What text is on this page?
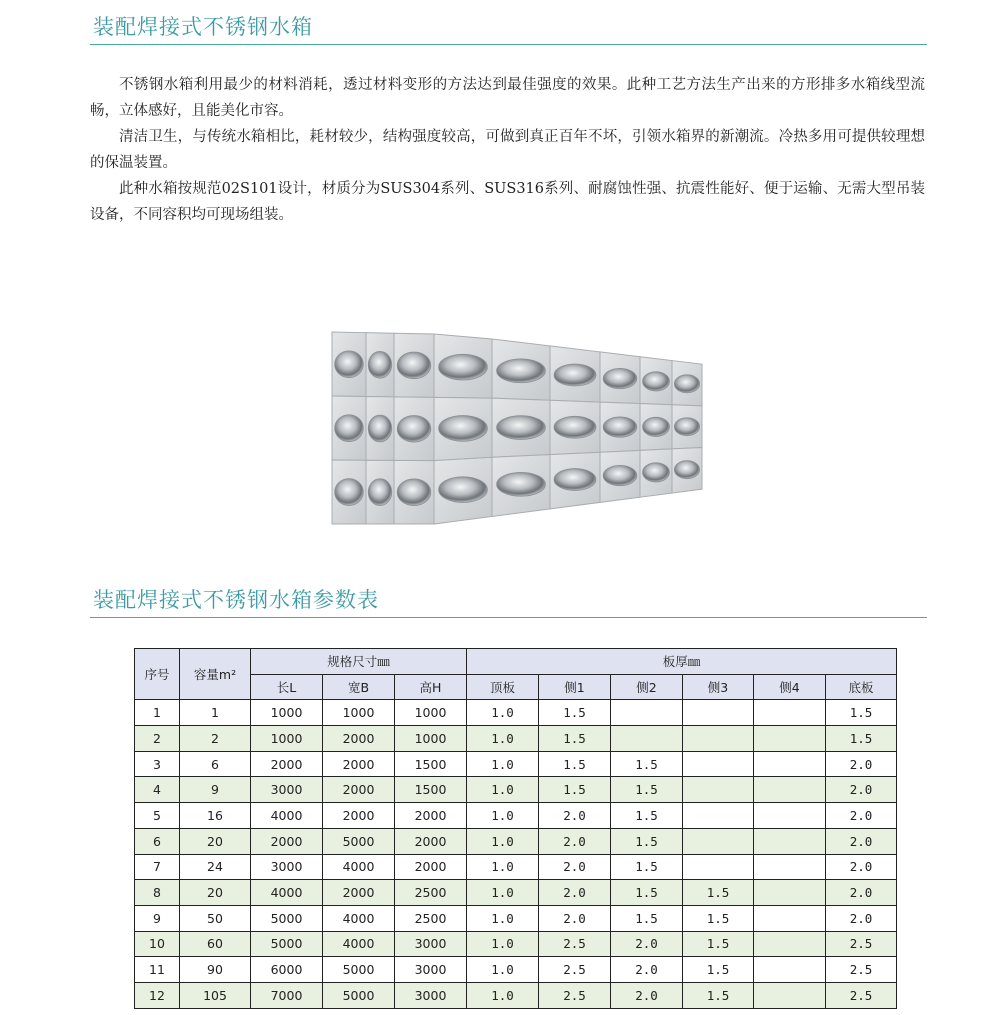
装配焊接式不锈钢水箱

不锈钢水箱利用最少的材料消耗，透过材料变形的方法达到最佳强度的效果。此种工艺方法生产出来的方形排多水箱线型流畅，立体感好，且能美化市容。

清洁卫生，与传统水箱相比，耗材较少，结构强度较高，可做到真正百年不坏，引领水箱界的新潮流。冷热多用可提供较理想的保温装置。

此种水箱按规范02S101设计，材质分为SUS304系列、SUS316系列、耐腐蚀性强、抗震性能好、便于运输、无需大型吊装设备，不同容积均可现场组装。

装配焊接式不锈钢水箱参数表
序号	容量m²	规格尺寸㎜			板厚㎜					
		长L	宽B	高H	顶板	侧1	侧2	侧3	侧4	底板
1	1	1000	1000	1000	1.0	1.5				1.5
2	2	1000	2000	1000	1.0	1.5				1.5
3	6	2000	2000	1500	1.0	1.5	1.5			2.0
4	9	3000	2000	1500	1.0	1.5	1.5			2.0
5	16	4000	2000	2000	1.0	2.0	1.5			2.0
6	20	2000	5000	2000	1.0	2.0	1.5			2.0
7	24	3000	4000	2000	1.0	2.0	1.5			2.0
8	20	4000	2000	2500	1.0	2.0	1.5	1.5		2.0
9	50	5000	4000	2500	1.0	2.0	1.5	1.5		2.0
10	60	5000	4000	3000	1.0	2.5	2.0	1.5		2.5
11	90	6000	5000	3000	1.0	2.5	2.0	1.5		2.5
12	105	7000	5000	3000	1.0	2.5	2.0	1.5		2.5
